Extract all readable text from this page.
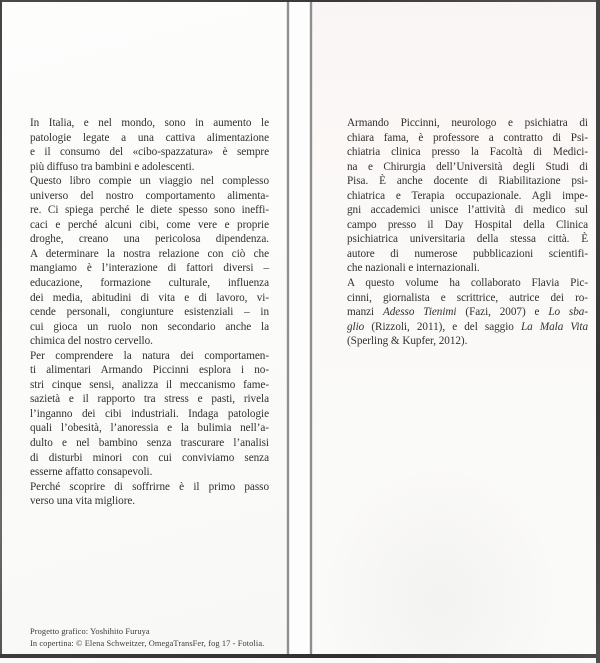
In Italia, e nel mondo, sono in aumento le
patologie legate a una cattiva alimentazione
e il consumo del «cibo-spazzatura» è sempre
più diffuso tra bambini e adolescenti.
Questo libro compie un viaggio nel complesso
universo del nostro comportamento alimenta-
re. Ci spiega perché le diete spesso sono ineffi-
caci e perché alcuni cibi, come vere e proprie
droghe, creano una pericolosa dipendenza.
A determinare la nostra relazione con ciò che
mangiamo è l’interazione di fattori diversi –
educazione, formazione culturale, influenza
dei media, abitudini di vita e di lavoro, vi-
cende personali, congiunture esistenziali – in
cui gioca un ruolo non secondario anche la
chimica del nostro cervello.
Per comprendere la natura dei comportamen-
ti alimentari Armando Piccinni esplora i no-
stri cinque sensi, analizza il meccanismo fame-
sazietà e il rapporto tra stress e pasti, rivela
l’inganno dei cibi industriali. Indaga patologie
quali l’obesità, l’anoressia e la bulimia nell’a-
dulto e nel bambino senza trascurare l’analisi
di disturbi minori con cui conviviamo senza
esserne affatto consapevoli.
Perché scoprire di soffrirne è il primo passo
verso una vita migliore.
Progetto grafico: Yoshihito Furuya
In copertina: © Elena Schweitzer, OmegaTransFer, fog 17 - Fotolia.
Armando Piccinni, neurologo e psichiatra di
chiara fama, è professore a contratto di Psi-
chiatria clinica presso la Facoltà di Medici-
na e Chirurgia dell’Università degli Studi di
Pisa. È anche docente di Riabilitazione psi-
chiatrica e Terapia occupazionale. Agli impe-
gni accademici unisce l’attività di medico sul
campo presso il Day Hospital della Clinica
psichiatrica universitaria della stessa città. È
autore di numerose pubblicazioni scientifi-
che nazionali e internazionali.
A questo volume ha collaborato Flavia Pic-
cinni, giornalista e scrittrice, autrice dei ro-
manzi Adesso Tienimi (Fazi, 2007) e Lo sba-
glio (Rizzoli, 2011), e del saggio La Mala Vita
(Sperling & Kupfer, 2012).
